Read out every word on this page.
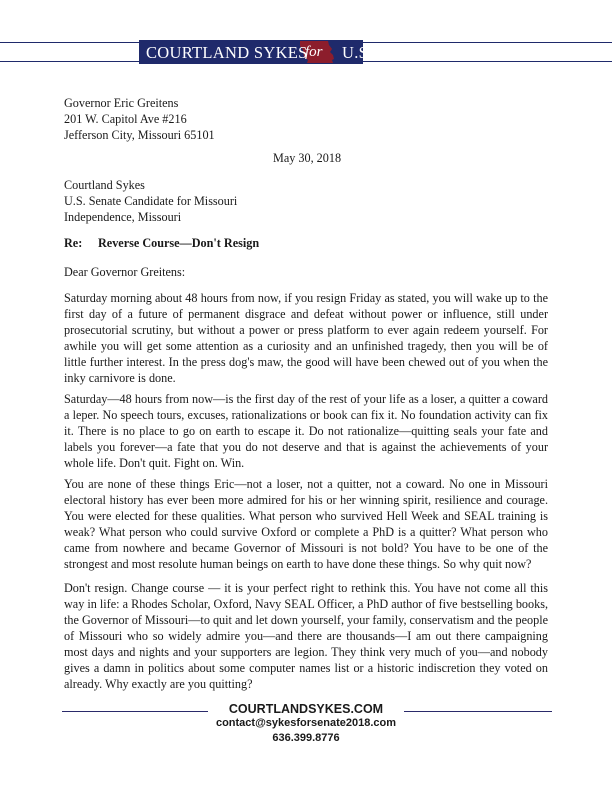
COURTLAND SYKES
for U.S. SENATE
Governor Eric Greitens
201 W. Capitol Ave #216
Jefferson City, Missouri 65101
May 30, 2018
Courtland Sykes
U.S. Senate Candidate for Missouri
Independence, Missouri
Re: Reverse Course—Don't Resign
Dear Governor Greitens:

Saturday morning about 48 hours from now, if you resign Friday as stated, you will wake up to the first day of a future of permanent disgrace and defeat without power or influence, still under prosecutorial scrutiny, but without a power or press platform to ever again redeem yourself. For awhile you will get some attention as a curiosity and an unfinished tragedy, then you will be of little further interest. In the press dog's maw, the good will have been chewed out of you when the inky carnivore is done.

Saturday—48 hours from now—is the first day of the rest of your life as a loser, a quitter a coward a leper. No speech tours, excuses, rationalizations or book can fix it. No foundation activity can fix it. There is no place to go on earth to escape it. Do not rationalize—quitting seals your fate and labels you forever—a fate that you do not deserve and that is against the achievements of your whole life. Don't quit. Fight on. Win.

You are none of these things Eric—not a loser, not a quitter, not a coward. No one in Missouri electoral history has ever been more admired for his or her winning spirit, resilience and courage. You were elected for these qualities. What person who survived Hell Week and SEAL training is weak? What person who could survive Oxford or complete a PhD is a quitter? What person who came from nowhere and became Governor of Missouri is not bold? You have to be one of the strongest and most resolute human beings on earth to have done these things. So why quit now?

Don't resign. Change course — it is your perfect right to rethink this. You have not come all this way in life: a Rhodes Scholar, Oxford, Navy SEAL Officer, a PhD author of five bestselling books, the Governor of Missouri—to quit and let down yourself, your family, conservatism and the people of Missouri who so widely admire you—and there are thousands—I am out there campaigning most days and nights and your supporters are legion. They think very much of you—and nobody gives a damn in politics about some computer names list or a historic indiscretion they voted on already. Why exactly are you quitting?

COURTLANDSYKES.COM
contact@sykesforsenate2018.com
636.399.8776
